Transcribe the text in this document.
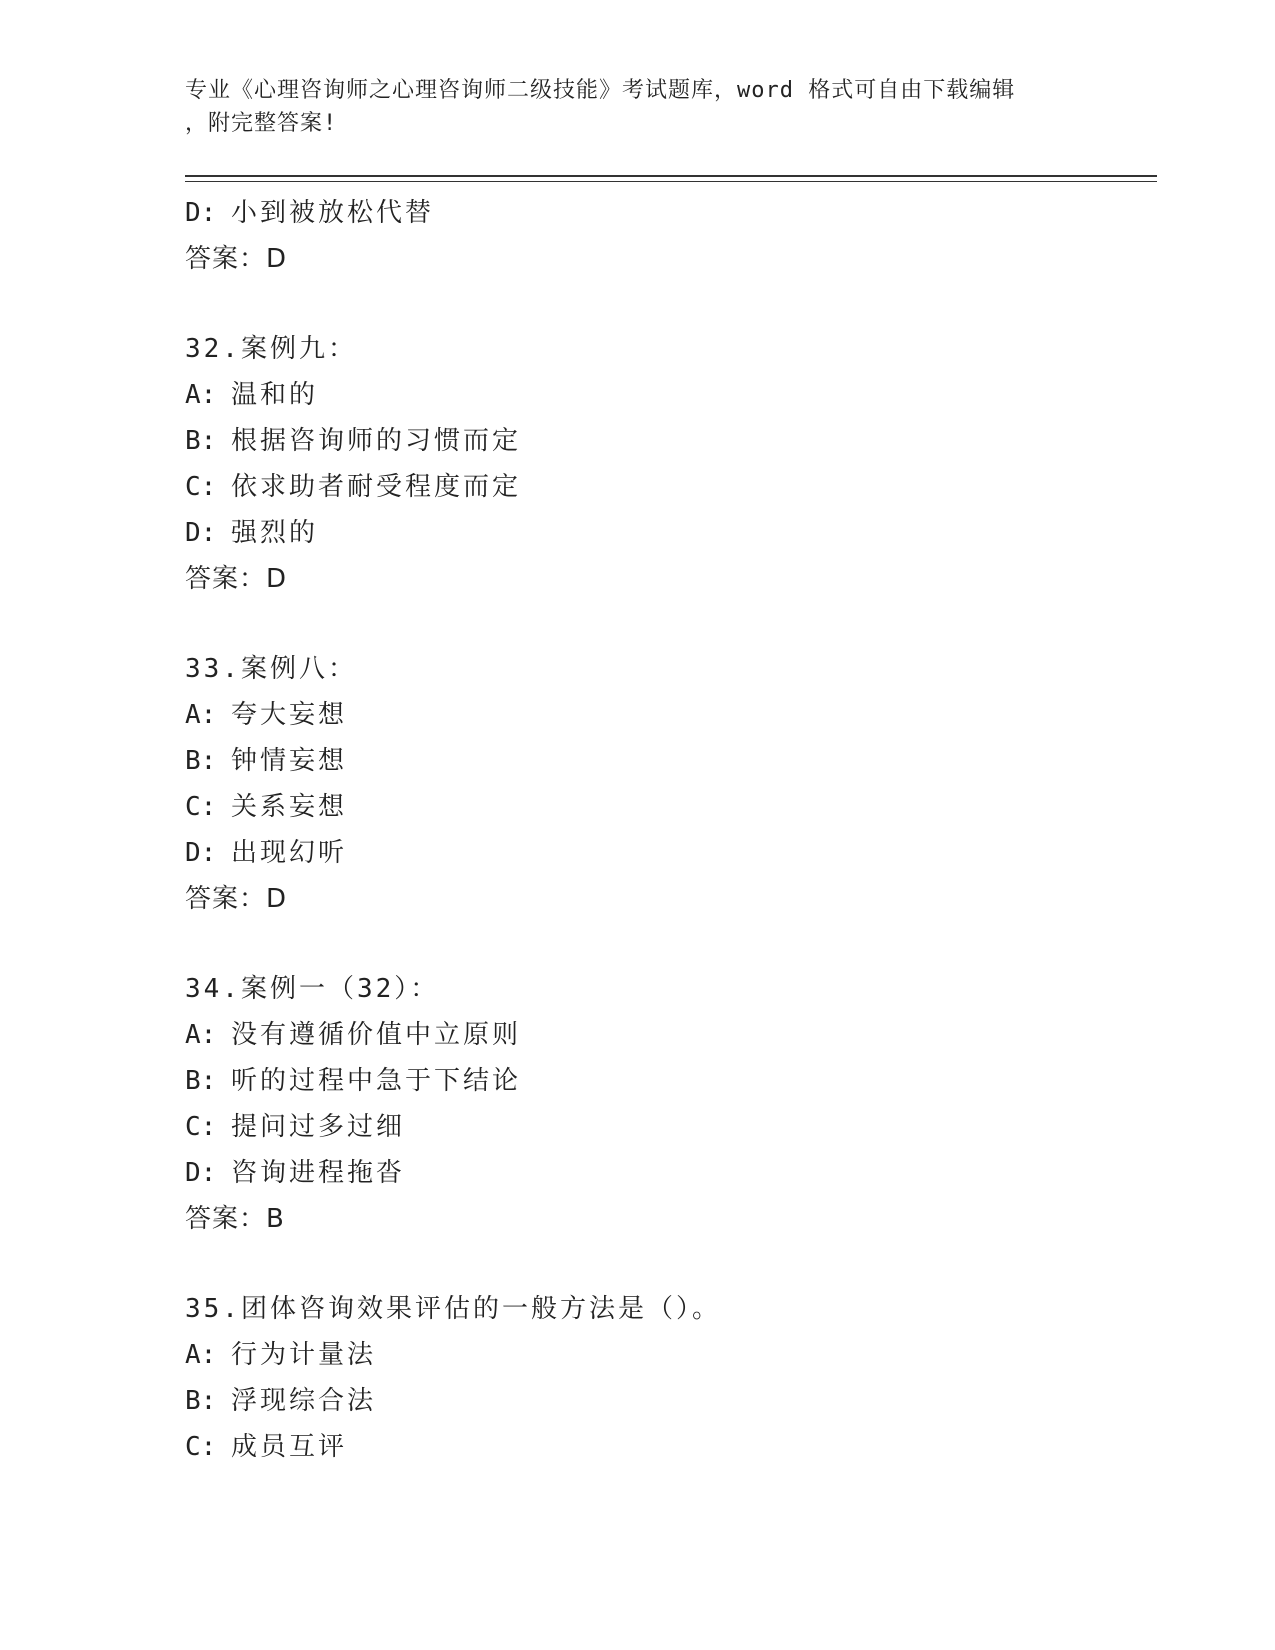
专业《心理咨询师之心理咨询师二级技能》考试题库，word 格式可自由下载编辑
，附完整答案!
D: 小到被放松代替
答案：D
32.案例九：
A: 温和的
B: 根据咨询师的习惯而定
C: 依求助者耐受程度而定
D: 强烈的
答案：D
33.案例八：
A: 夸大妄想
B: 钟情妄想
C: 关系妄想
D: 出现幻听
答案：D
34.案例一（32）：
A: 没有遵循价值中立原则
B: 听的过程中急于下结论
C: 提问过多过细
D: 咨询进程拖沓
答案：B
35.团体咨询效果评估的一般方法是（）。
A: 行为计量法
B: 浮现综合法
C: 成员互评
